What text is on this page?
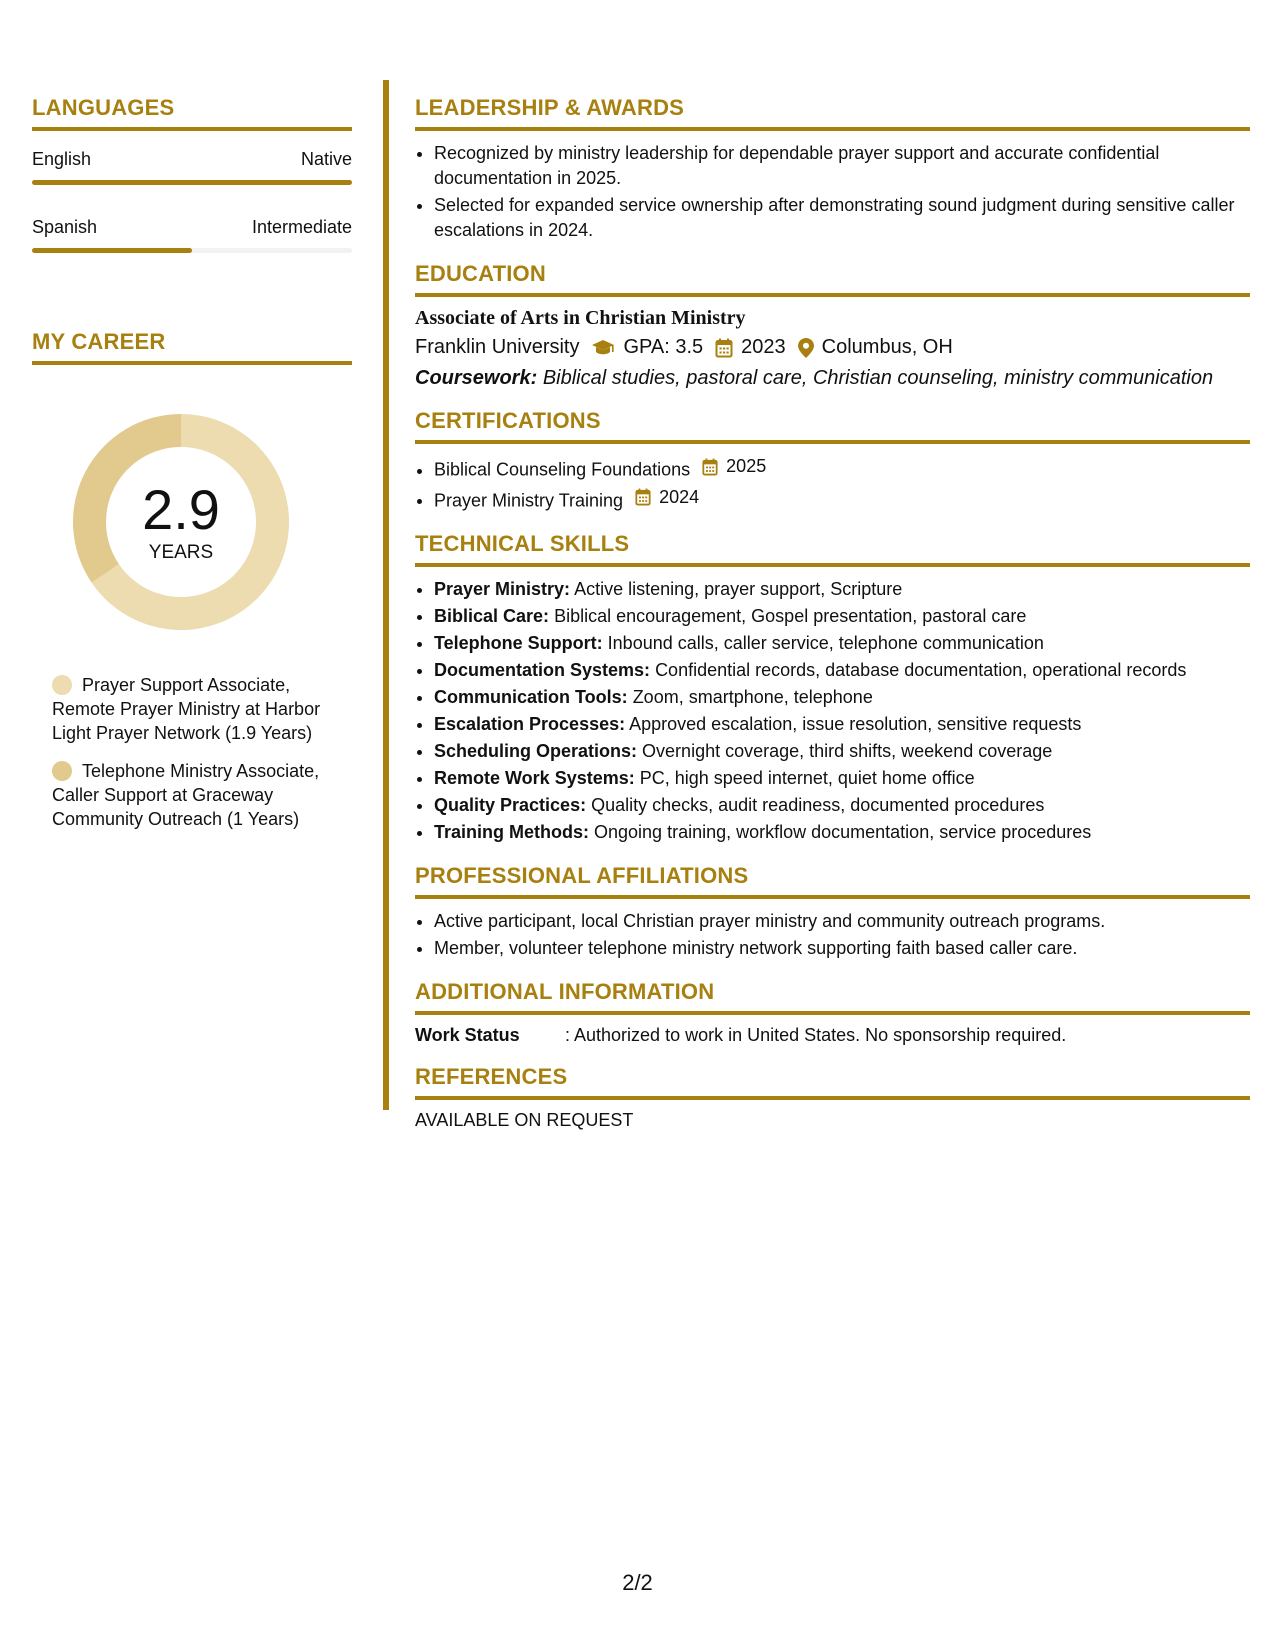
LANGUAGES
English	Native
Spanish	Intermediate
MY CAREER
2.9
YEARS
Prayer Support Associate, Remote Prayer Ministry at Harbor Light Prayer Network (1.9 Years)
Telephone Ministry Associate, Caller Support at Graceway Community Outreach (1 Years)
LEADERSHIP & AWARDS
• Recognized by ministry leadership for dependable prayer support and accurate confidential documentation in 2025.
• Selected for expanded service ownership after demonstrating sound judgment during sensitive caller escalations in 2024.
EDUCATION
Associate of Arts in Christian Ministry
Franklin University GPA: 3.5 2023 Columbus, OH
Coursework: Biblical studies, pastoral care, Christian counseling, ministry communication
CERTIFICATIONS
• Biblical Counseling Foundations 2025
• Prayer Ministry Training 2024
TECHNICAL SKILLS
• Prayer Ministry: Active listening, prayer support, Scripture
• Biblical Care: Biblical encouragement, Gospel presentation, pastoral care
• Telephone Support: Inbound calls, caller service, telephone communication
• Documentation Systems: Confidential records, database documentation, operational records
• Communication Tools: Zoom, smartphone, telephone
• Escalation Processes: Approved escalation, issue resolution, sensitive requests
• Scheduling Operations: Overnight coverage, third shifts, weekend coverage
• Remote Work Systems: PC, high speed internet, quiet home office
• Quality Practices: Quality checks, audit readiness, documented procedures
• Training Methods: Ongoing training, workflow documentation, service procedures
PROFESSIONAL AFFILIATIONS
• Active participant, local Christian prayer ministry and community outreach programs.
• Member, volunteer telephone ministry network supporting faith based caller care.
ADDITIONAL INFORMATION
Work Status	: Authorized to work in United States. No sponsorship required.
REFERENCES
AVAILABLE ON REQUEST
2/2
